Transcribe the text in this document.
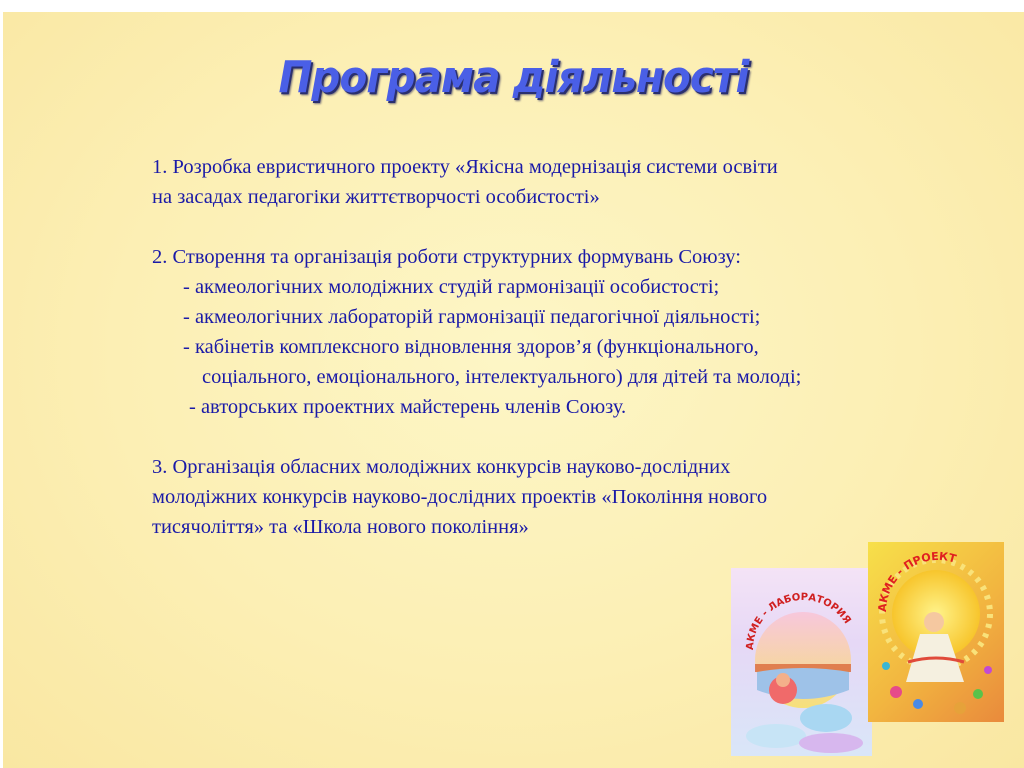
Програма діяльності

1. Розробка евристичного проекту «Якісна модернізація системи освіти

на засадах педагогіки життєтворчості особистості»

2. Створення та організація роботи структурних формувань Союзу:

- акмеологічних молодіжних студій гармонізації особистості;

- акмеологічних лабораторій гармонізації педагогічної діяльності;

- кабінетів комплексного відновлення здоров’я (функціонального,

соціального, емоціонального, інтелектуального) для дітей та молоді;

- авторських проектних майстерень членів Союзу.

3. Організація обласних молодіжних конкурсів науково-дослідних

молодіжних конкурсів науково-дослідних проектів «Покоління нового

тисячоліття» та «Школа нового покоління»

АКМЕ - ЛАБОРАТОРИЯ
АКМЕ - ПРОЕКТ
